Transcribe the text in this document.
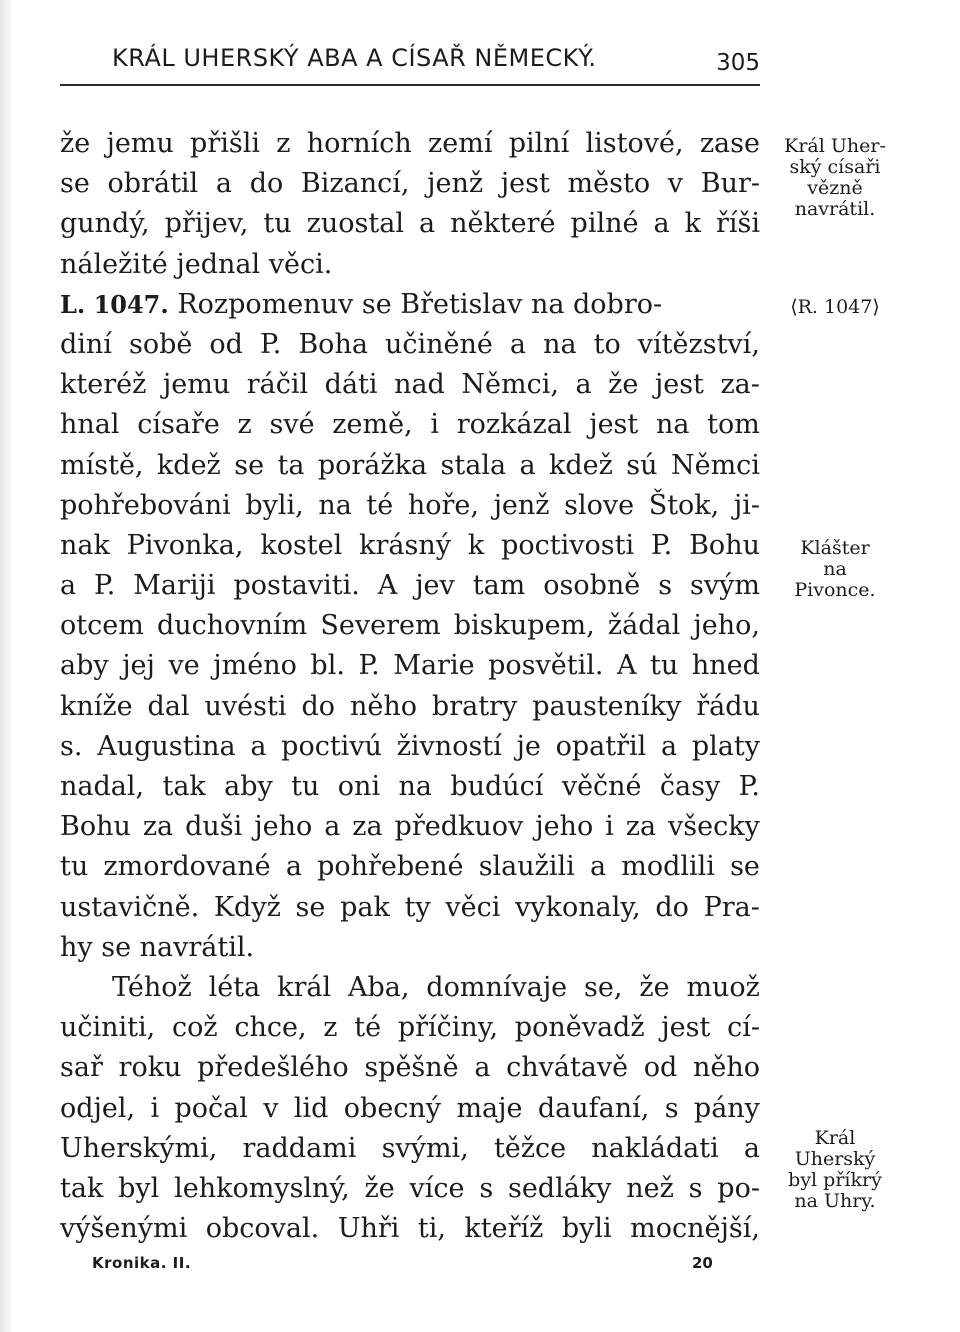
KRÁL UHERSKÝ ABA A CÍSAŘ NĚMECKÝ.	305
že jemu přišli z horních zemí pilní listové, zase
se obrátil a do Bizancí, jenž jest město v Bur-
gundý, přijev, tu zuostal a některé pilné a k říši
náležité jednal věci.
L. 1047. Rozpomenuv se Břetislav na dobro-
diní sobě od P. Boha učiněné a na to vítězství,
kteréž jemu ráčil dáti nad Němci, a že jest za-
hnal císaře z své země, i rozkázal jest na tom
místě, kdež se ta porážka stala a kdež sú Němci
pohřebováni byli, na té hoře, jenž slove Štok, ji-
nak Pivonka, kostel krásný k poctivosti P. Bohu
a P. Mariji postaviti. A jev tam osobně s svým
otcem duchovním Severem biskupem, žádal jeho,
aby jej ve jméno bl. P. Marie posvětil. A tu hned
kníže dal uvésti do něho bratry pausteníky řádu
s. Augustina a poctivú živností je opatřil a platy
nadal, tak aby tu oni na budúcí věčné časy P.
Bohu za duši jeho a za předkuov jeho i za všecky
tu zmordované a pohřebené slaužili a modlili se
ustavičně. Když se pak ty věci vykonaly, do Pra-
hy se navrátil.
Téhož léta král Aba, domnívaje se, že muož
učiniti, což chce, z té příčiny, poněvadž jest cí-
sař roku předešlého spěšně a chvátavě od něho
odjel, i počal v lid obecný maje daufaní, s pány
Uherskými, raddami svými, těžce nakládati a
tak byl lehkomyslný, že více s sedláky než s po-
výšenými obcoval. Uhři ti, kteříž byli mocnější,
Král Uher-
ský císaři
vězně
navrátil.
⟨R. 1047⟩
Klášter
na
Pivonce.
Král
Uherský
byl příkrý
na Uhry.
Kronika. II.	20
